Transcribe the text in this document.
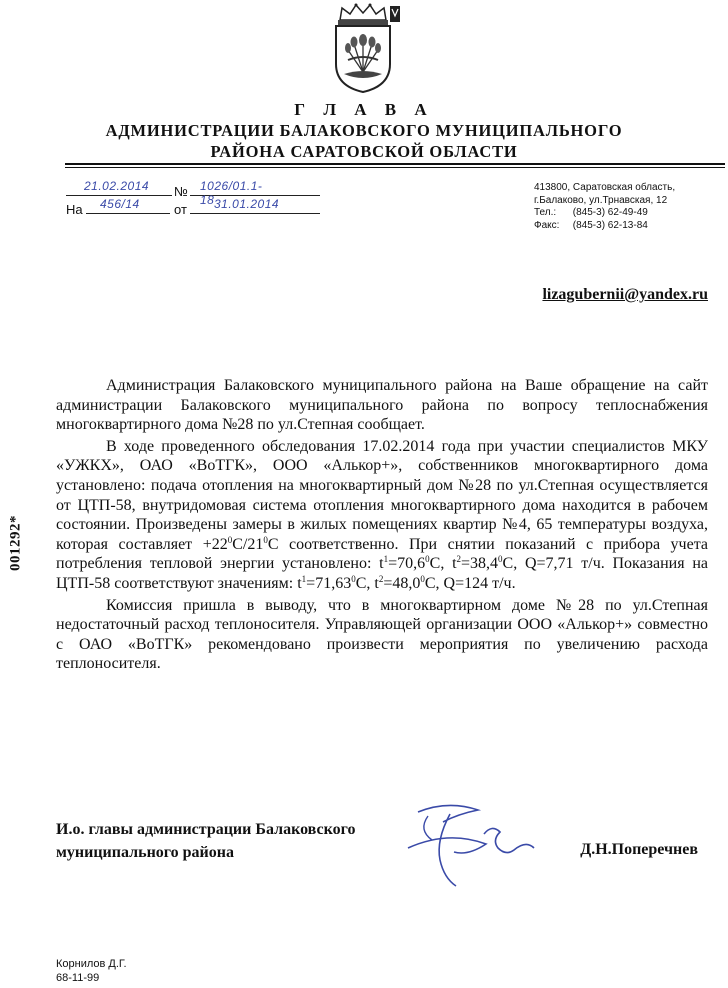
Г Л А В А
АДМИНИСТРАЦИИ БАЛАКОВСКОГО МУНИЦИПАЛЬНОГО
РАЙОНА САРАТОВСКОЙ ОБЛАСТИ
21.02.2014 № 1026/01.1-18
На 456/14	от 31.01.2014
413800, Саратовская область,
г.Балаково, ул.Трнавская, 12
Тел.: (845-3) 62-49-49
Факс: (845-3) 62-13-84
lizagubernii@yandex.ru

Администрация Балаковского муниципального района на Ваше обращение на сайт администрации Балаковского муниципального района по вопросу теплоснабжения многоквартирного дома №28 по ул.Степная сообщает.

В ходе проведенного обследования 17.02.2014 года при участии специалистов МКУ «УЖКХ», ОАО «ВоТГК», ООО «Алькор+», собственников многоквартирного дома установлено: подача отопления на многоквартирный дом №28 по ул.Степная осуществляется от ЦТП-58, внутридомовая система отопления многоквартирного дома находится в рабочем состоянии. Произведены замеры в жилых помещениях квартир №4, 65 температуры воздуха, которая составляет $+22^0С/21^0С$ соответственно. При снятии показаний с прибора учета потребления тепловой энергии установлено: $t^1=70,6^0С$, $t^2=38,4^0С$, Q=7,71 т/ч. Показания на ЦТП-58 соответствуют значениям: $t^1=71,63^0С$, $t^2=48,0^0С$, Q=124 т/ч.

Комиссия пришла в выводу, что в многоквартирном доме №28 по ул.Степная недостаточный расход теплоносителя. Управляющей организации ООО «Алькор+» совместно с ОАО «ВоТГК» рекомендовано произвести мероприятия по увеличению расхода теплоносителя.

001292*
И.о. главы администрации Балаковского
муниципального района	Д.Н.Поперечнев
Корнилов Д.Г.
68-11-99
